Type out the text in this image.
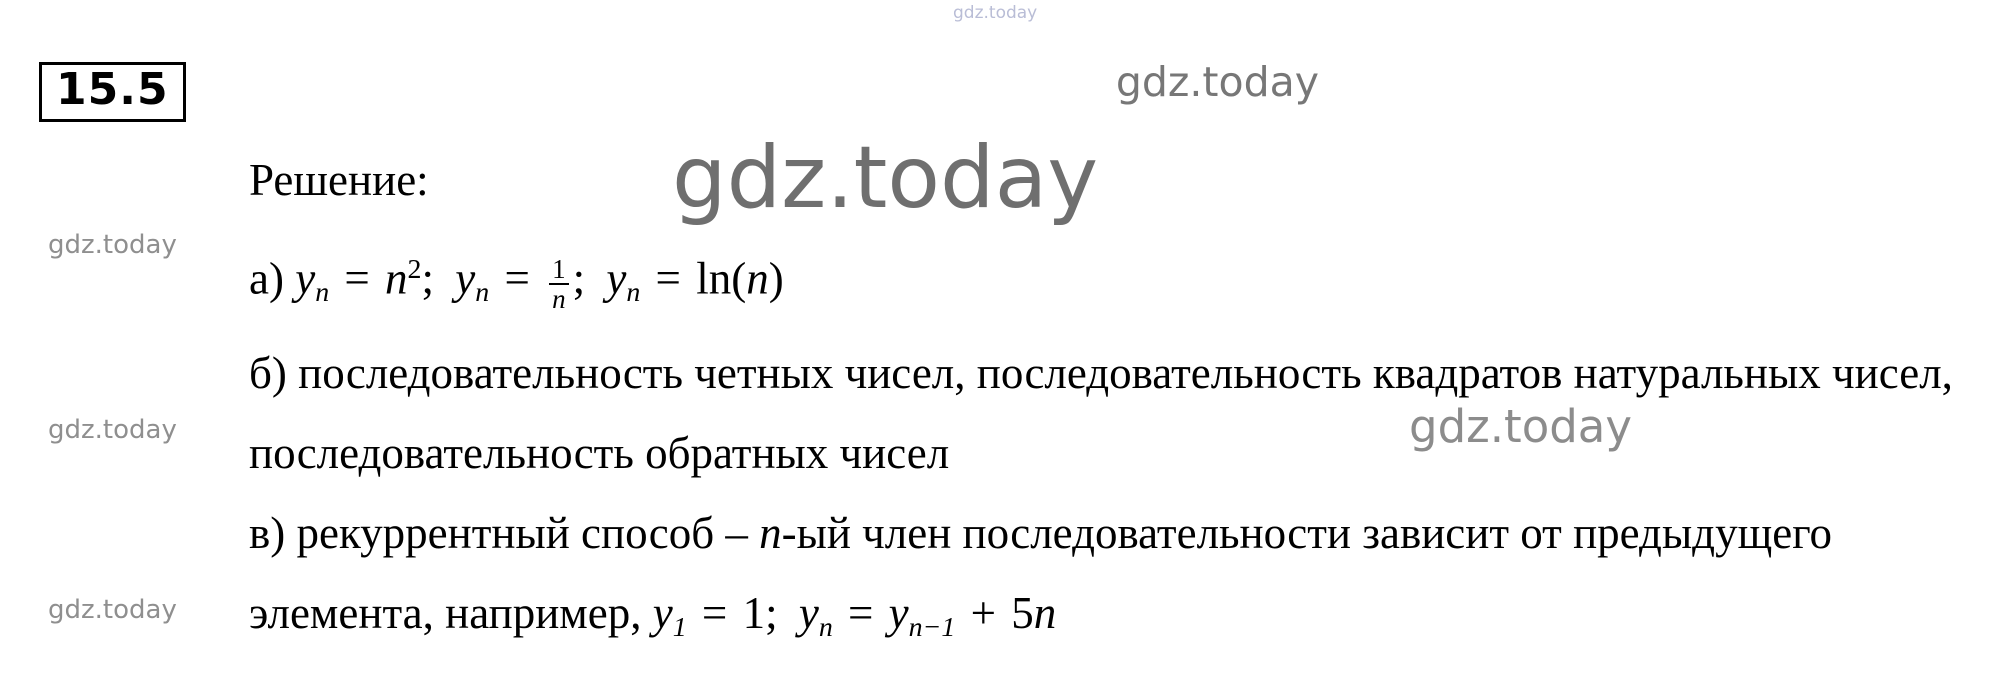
gdz.today
gdz.today
gdz.today
gdz.today
gdz.today
gdz.today
gdz.today
15.5
Решение:
а) $y_n = n^2$; $y_n = \frac{1}{n}$ ; $y_n = \ln(n)$
б) последовательность четных чисел, последовательность квадратов натуральных чисел, последовательность обратных чисел
в) рекуррентный способ – n-ый член последовательности зависит от предыдущего элемента, например, $y_1 = 1$; $y_n = y_{n-1} + 5n$
